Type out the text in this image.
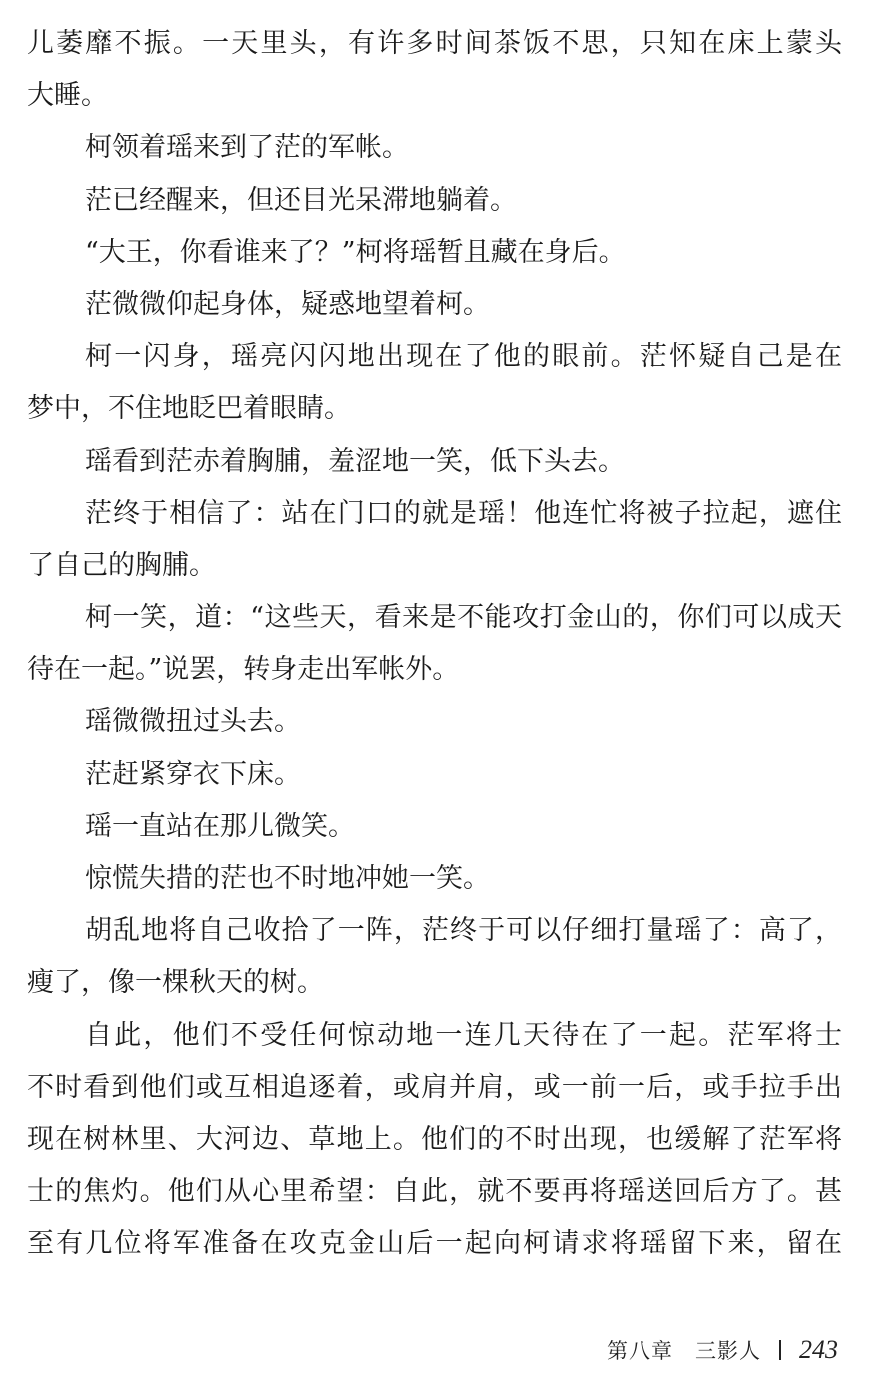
儿萎靡不振。一天里头，有许多时间茶饭不思，只知在床上蒙头
大睡。
柯领着瑶来到了茫的军帐。
茫已经醒来，但还目光呆滞地躺着。
“大王，你看谁来了？”柯将瑶暂且藏在身后。
茫微微仰起身体，疑惑地望着柯。
柯一闪身，瑶亮闪闪地出现在了他的眼前。茫怀疑自己是在
梦中，不住地眨巴着眼睛。
瑶看到茫赤着胸脯，羞涩地一笑，低下头去。
茫终于相信了：站在门口的就是瑶！他连忙将被子拉起，遮住
了自己的胸脯。
柯一笑，道：“这些天，看来是不能攻打金山的，你们可以成天
待在一起。”说罢，转身走出军帐外。
瑶微微扭过头去。
茫赶紧穿衣下床。
瑶一直站在那儿微笑。
惊慌失措的茫也不时地冲她一笑。
胡乱地将自己收拾了一阵，茫终于可以仔细打量瑶了：高了，
瘦了，像一棵秋天的树。
自此，他们不受任何惊动地一连几天待在了一起。茫军将士
不时看到他们或互相追逐着，或肩并肩，或一前一后，或手拉手出
现在树林里、大河边、草地上。他们的不时出现，也缓解了茫军将
士的焦灼。他们从心里希望：自此，就不要再将瑶送回后方了。甚
至有几位将军准备在攻克金山后一起向柯请求将瑶留下来，留在
第八章　三影人 243
